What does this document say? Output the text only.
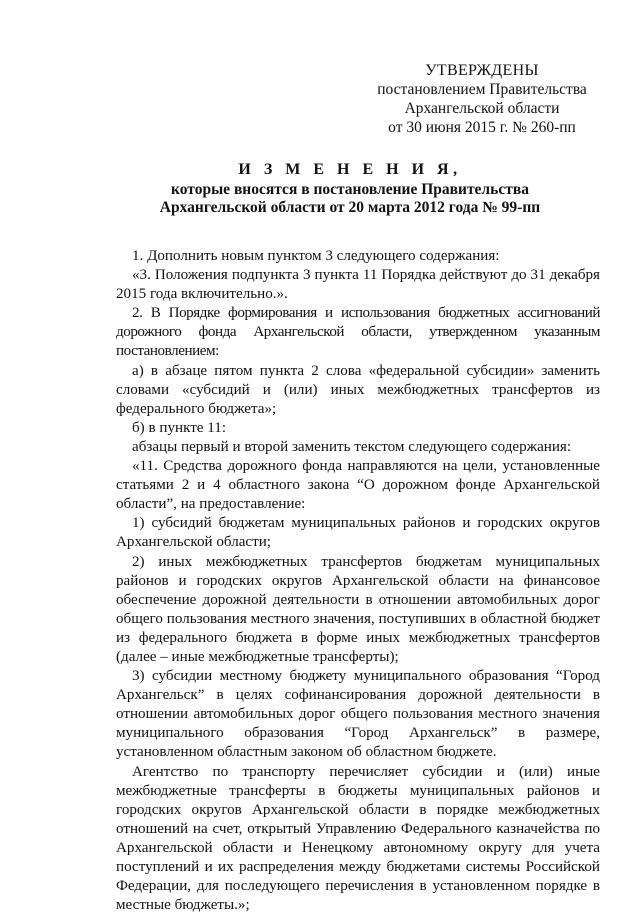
УТВЕРЖДЕНЫ
постановлением Правительства
Архангельской области
от 30 июня 2015 г. № 260-пп
И З М Е Н Е Н И Я,
которые вносятся в постановление Правительства
Архангельской области от 20 марта 2012 года № 99-пп

1. Дополнить новым пунктом 3 следующего содержания:

«3. Положения подпункта 3 пункта 11 Порядка действуют до 31 декабря 2015 года включительно.».

2. В Порядке формирования и использования бюджетных ассигнований дорожного фонда Архангельской области, утвержденном указанным постановлением:

а) в абзаце пятом пункта 2 слова «федеральной субсидии» заменить словами «субсидий и (или) иных межбюджетных трансфертов из федерального бюджета»;

б) в пункте 11:

абзацы первый и второй заменить текстом следующего содержания:

«11. Средства дорожного фонда направляются на цели, установленные статьями 2 и 4 областного закона “О дорожном фонде Архангельской области”, на предоставление:

1) субсидий бюджетам муниципальных районов и городских округов Архангельской области;

2) иных межбюджетных трансфертов бюджетам муниципальных районов и городских округов Архангельской области на финансовое обеспечение дорожной деятельности в отношении автомобильных дорог общего пользования местного значения, поступивших в областной бюджет из федерального бюджета в форме иных межбюджетных трансфертов (далее – иные межбюджетные трансферты);

3) субсидии местному бюджету муниципального образования “Город Архангельск” в целях софинансирования дорожной деятельности в отношении автомобильных дорог общего пользования местного значения муниципального образования “Город Архангельск” в размере, установленном областным законом об областном бюджете.

Агентство по транспорту перечисляет субсидии и (или) иные межбюджетные трансферты в бюджеты муниципальных районов и городских округов Архангельской области в порядке межбюджетных отношений на счет, открытый Управлению Федерального казначейства по Архангельской области и Ненецкому автономному округу для учета поступлений и их распределения между бюджетами системы Российской Федерации, для последующего перечисления в установленном порядке в местные бюджеты.»;
